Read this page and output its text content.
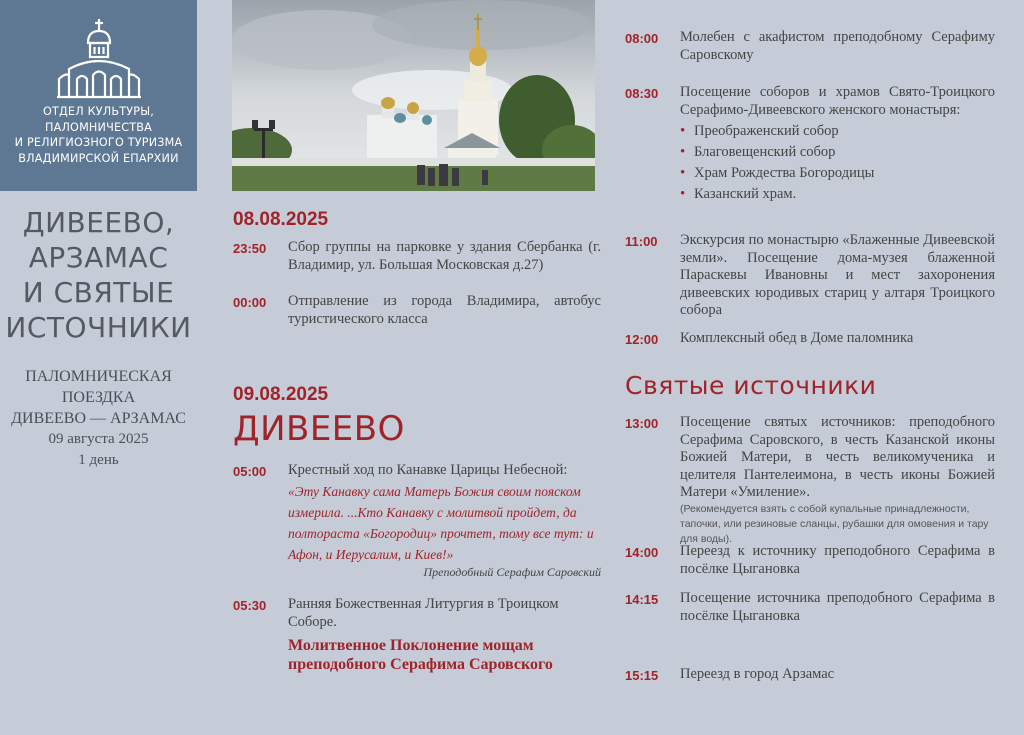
ОТДЕЛ КУЛЬТУРЫ,
ПАЛОМНИЧЕСТВА
И РЕЛИГИОЗНОГО ТУРИЗМА
ВЛАДИМИРСКОЙ ЕПАРХИИ
ДИВЕЕВО,
АРЗАМАС
И СВЯТЫЕ
ИСТОЧНИКИ
ПАЛОМНИЧЕСКАЯ
ПОЕЗДКА
ДИВЕЕВО — АРЗАМАС
09 августа 2025
1 день
08.08.2025
23:50	Сбор группы на парковке у здания Сбербанка (г. Владимир, ул. Большая Московская д.27)
00:00	Отправление из города Владимира, автобус туристического класса
09.08.2025
ДИВЕЕВО
05:00	Крестный ход по Канавке Царицы Небесной:
«Эту Канавку сама Матерь Божия своим пояском измерила. ...Кто Канавку с молитвой пройдет, да полтораста «Богородиц» прочтет, тому все тут: и Афон, и Иерусалим, и Киев!»
Преподобный Серафим Саровский
05:30	Ранняя Божественная Литургия в Троицком Соборе.
Молитвенное Поклонение мощам преподобного Серафима Саровского
08:00	Молебен с акафистом преподобному Серафиму Саровскому
08:30	Посещение соборов и храмов Свято-Троицкого Серафимо-Дивеевского женского монастыря:
• Преображенский собор
• Благовещенский собор
• Храм Рождества Богородицы
• Казанский храм.
11:00	Экскурсия по монастырю «Блаженные Дивеевской земли». Посещение дома-музея блаженной Параскевы Ивановны и мест захоронения дивеевских юродивых стариц у алтаря Троицкого собора
12:00	Комплексный обед в Доме паломника
Святые источники
13:00	Посещение святых источников: преподобного Серафима Саровского, в честь Казанской иконы Божией Матери, в честь великомученика и целителя Пантелеимона, в честь иконы Божией Матери «Умиление».
(Рекомендуется взять с собой купальные принадлежности, тапочки, или резиновые сланцы, рубашки для омовения и тару для воды).
14:00	Переезд к источнику преподобного Серафима в посёлке Цыгановка
14:15	Посещение источника преподобного Серафима в посёлке Цыгановка
15:15	Переезд в город Арзамас
